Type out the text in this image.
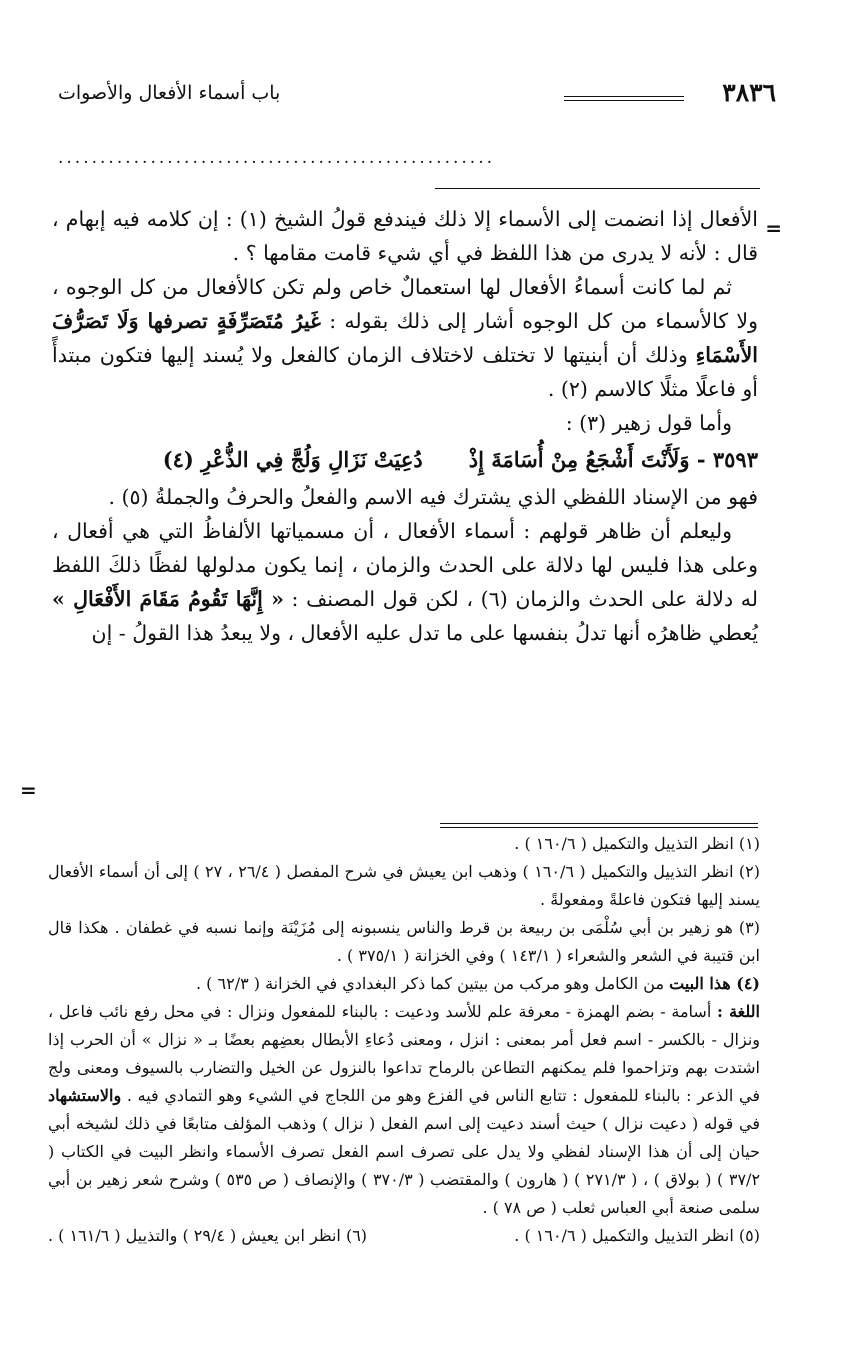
٣٨٣٦
باب أسماء الأفعال والأصوات
....................................................
=
=

الأفعال إذا انضمت إلى الأسماء إلا ذلك فيندفع قولُ الشيخ (١) : إن كلامه فيه إبهام ، قال : لأنه لا يدرى من هذا اللفظ في أي شيء قامت مقامها ؟ .

ثم لما كانت أسماءُ الأفعال لها استعمالٌ خاص ولم تكن كالأفعال من كل الوجوه ، ولا كالأسماء من كل الوجوه أشار إلى ذلك بقوله : غَيرُ مُتَصَرِّفَةٍ تصرفها وَلَا تَصَرُّفَ الأَسْمَاءِ وذلك أن أبنيتها لا تختلف لاختلاف الزمان كالفعل ولا يُسند إليها فتكون مبتدأً أو فاعلًا مثلًا كالاسم (٢) .

وأما قول زهير (٣) :

٣٥٩٣ - وَلَأَنْتَ أَشْجَعُ مِنْ أُسَامَةَ إِذْ
دُعِيَتْ نَزَالِ وَلُجَّ فِي الذُّعْرِ (٤)

فهو من الإسناد اللفظي الذي يشترك فيه الاسم والفعلُ والحرفُ والجملةُ (٥) .

وليعلم أن ظاهر قولهم : أسماء الأفعال ، أن مسمياتها الألفاظُ التي هي أفعال ، وعلى هذا فليس لها دلالة على الحدث والزمان ، إنما يكون مدلولها لفظًا ذلكَ اللفظ له دلالة على الحدث والزمان (٦) ، لكن قول المصنف : « إِنَّهَا تَقُومُ مَقَامَ الأَفْعَالِ » يُعطي ظاهرُه أنها تدلُ بنفسها على ما تدل عليه الأفعال ، ولا يبعدُ هذا القولُ - إن

(١) انظر التذييل والتكميل ( ١٦٠/٦ ) .

(٢) انظر التذييل والتكميل ( ١٦٠/٦ ) وذهب ابن يعيش في شرح المفصل ( ٢٦/٤ ، ٢٧ ) إلى أن أسماء الأفعال يسند إليها فتكون فاعلةً ومفعولةً .

(٣) هو زهير بن أبي سُلْمَى بن ربيعة بن قرط والناس ينسبونه إلى مُزَيْنَة وإنما نسبه في غطفان . هكذا قال ابن قتيبة في الشعر والشعراء ( ١٤٣/١ ) وفي الخزانة ( ٣٧٥/١ ) .

(٤) هذا البيت من الكامل وهو مركب من بيتين كما ذكر البغدادي في الخزانة ( ٦٢/٣ ) .

اللغة : أسامة - بضم الهمزة - معرفة علم للأسد ودعيت : بالبناء للمفعول ونزال : في محل رفع نائب فاعل ، ونزال - بالكسر - اسم فعل أمر بمعنى : انزل ، ومعنى دُعاءِ الأبطال بعضِهم بعضًا بـ « نزال » أن الحرب إذا اشتدت بهم وتزاحموا فلم يمكنهم التطاعن بالرماح تداعوا بالنزول عن الخيل والتضارب بالسيوف ومعنى ولج في الذعر : بالبناء للمفعول : تتابع الناس في الفزع وهو من اللجاج في الشيء وهو التمادي فيه . والاستشهاد في قوله ( دعيت نزال ) حيث أسند دعيت إلى اسم الفعل ( نزال ) وذهب المؤلف متابعًا في ذلك لشيخه أبي حيان إلى أن هذا الإسناد لفظي ولا يدل على تصرف اسم الفعل تصرف الأسماء وانظر البيت في الكتاب ( ٣٧/٢ ) ( بولاق ) ، ( ٢٧١/٣ ) ( هارون ) والمقتضب ( ٣٧٠/٣ ) والإنصاف ( ص ٥٣٥ ) وشرح شعر زهير بن أبي سلمى صنعة أبي العباس ثعلب ( ص ٧٨ ) .

(٥) انظر التذييل والتكميل ( ١٦٠/٦ ) .
(٦) انظر ابن يعيش ( ٢٩/٤ ) والتذييل ( ١٦١/٦ ) .
